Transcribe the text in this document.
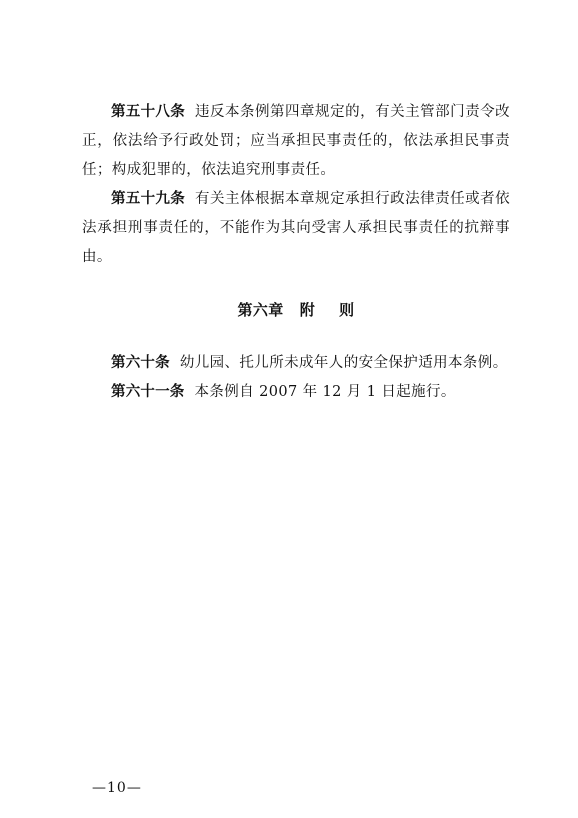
第五十八条 违反本条例第四章规定的，有关主管部门责令改正，依法给予行政处罚；应当承担民事责任的，依法承担民事责任；构成犯罪的，依法追究刑事责任。

第五十九条 有关主体根据本章规定承担行政法律责任或者依法承担刑事责任的，不能作为其向受害人承担民事责任的抗辩事由。

第六章 附 则

第六十条 幼儿园、托儿所未成年人的安全保护适用本条例。

第六十一条 本条例自 2007 年 12 月 1 日起施行。

—10—
